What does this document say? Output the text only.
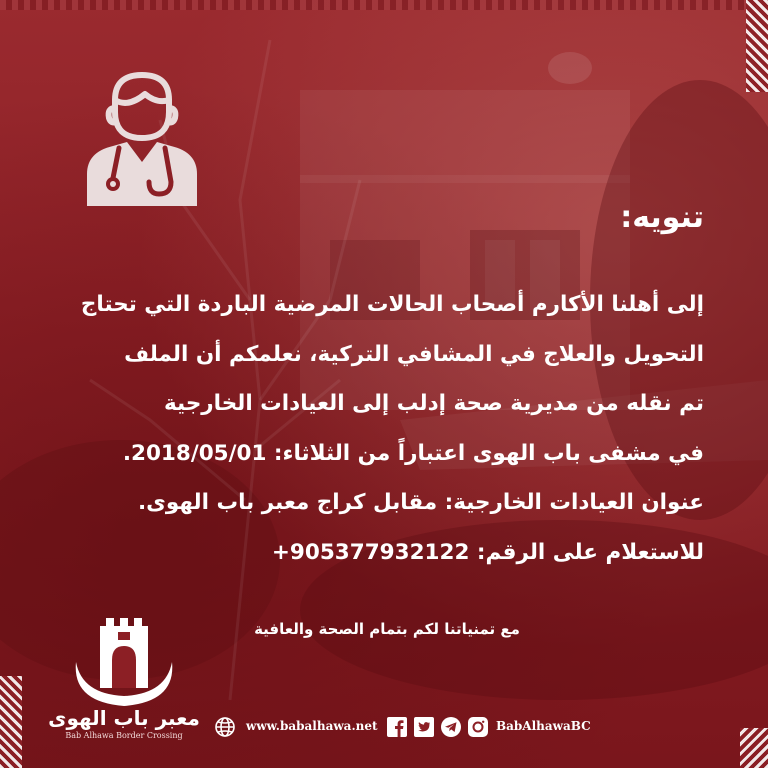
تنويه:

إلى أهلنا الأكارم أصحاب الحالات المرضية الباردة التي تحتاج

التحويل والعلاج في المشافي التركية، نعلمكم أن الملف

تم نقله من مديرية صحة إدلب إلى العيادات الخارجية

في مشفى باب الهوى اعتباراً من الثلاثاء: 2018/05/01.

عنوان العيادات الخارجية: مقابل كراج معبر باب الهوى.

للاستعلام على الرقم: 905377932122+

مع تمنياتنا لكم بتمام الصحة والعافية
معبر باب الهوى
Bab Alhawa Border Crossing
www.babalhawa.net	BabAlhawaBC
